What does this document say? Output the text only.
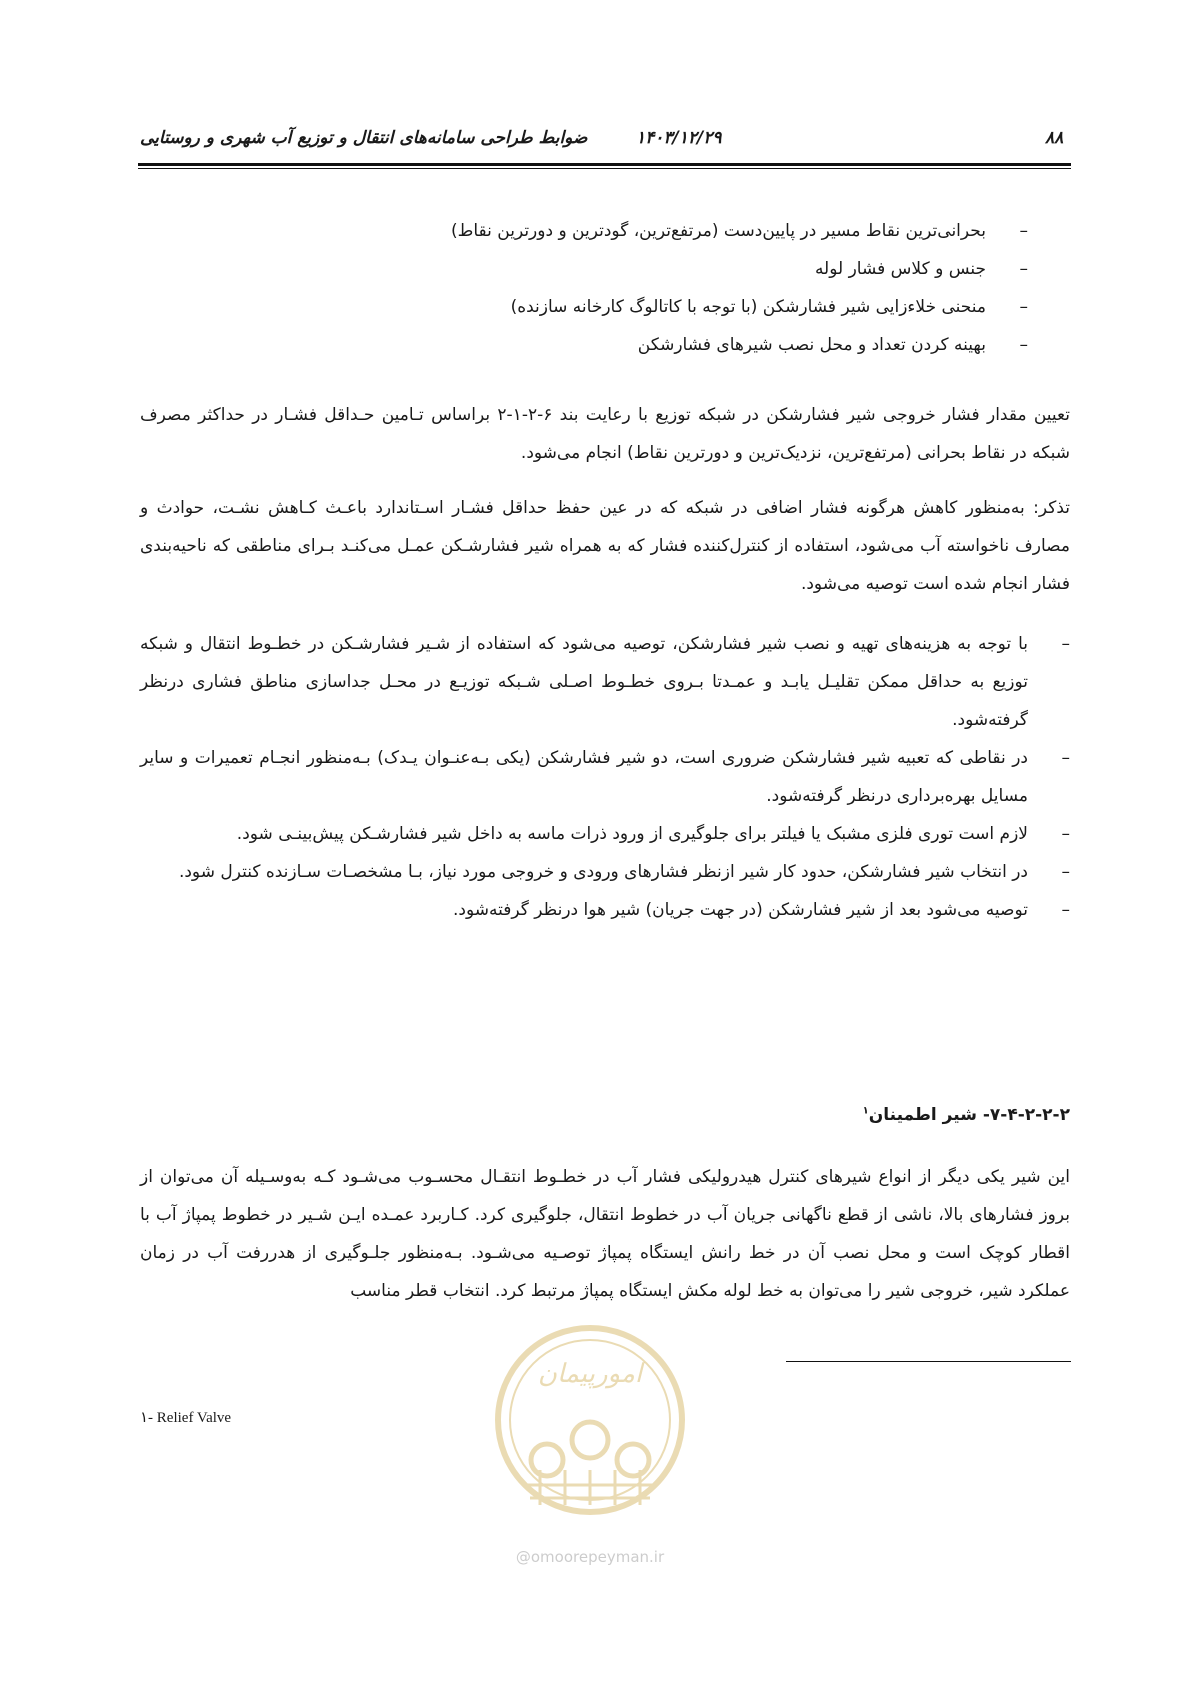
۸۸
۱۴۰۳/۱۲/۲۹
ضوابط طراحی سامانه‌های انتقال و توزیع آب شهری و روستایی
–
بحرانی‌ترین نقاط مسیر در پایین‌دست (مرتفع‌ترین، گودترین و دورترین نقاط)
–
جنس و کلاس فشار لوله
–
منحنی خلاءزایی شیر فشارشکن (با توجه با کاتالوگ کارخانه سازنده)
–
بهینه کردن تعداد و محل نصب شیرهای فشارشکن
تعیین مقدار فشار خروجی شیر فشارشکن در شبکه توزیع با رعایت بند ۶-۲-۱-۲ براساس تـامین حـداقل فشـار در حداکثر مصرف شبکه در نقاط بحرانی (مرتفع‌ترین، نزدیک‌ترین و دورترین نقاط) انجام می‌شود.
تذکر: به‌منظور کاهش هرگونه فشار اضافی در شبکه که در عین حفظ حداقل فشـار اسـتاندارد باعـث کـاهش نشـت، حوادث و مصارف ناخواسته آب می‌شود، استفاده از کنترل‌کننده فشار که به همراه شیر فشارشـکن عمـل می‌کنـد بـرای مناطقی که ناحیه‌بندی فشار انجام شده است توصیه می‌شود.
–
با توجه به هزینه‌های تهیه و نصب شیر فشارشکن، توصیه می‌شود که استفاده از شـیر فشارشـکن در خطـوط انتقال و شبکه توزیع به حداقل ممکن تقلیـل یابـد و عمـدتا بـروی خطـوط اصـلی شـبکه توزیـع در محـل جداسازی مناطق فشاری درنظر گرفته‌شود.
–
در نقاطی که تعبیه شیر فشارشکن ضروری است، دو شیر فشارشکن (یکی بـه‌عنـوان یـدک) بـه‌منظور انجـام تعمیرات و سایر مسایل بهره‌برداری درنظر گرفته‌شود.
–
لازم است توری فلزی مشبک یا فیلتر برای جلوگیری از ورود ذرات ماسه به داخل شیر فشارشـکن پیش‌بینـی شود.
–
در انتخاب شیر فشارشکن، حدود کار شیر ازنظر فشارهای ورودی و خروجی مورد نیاز، بـا مشخصـات سـازنده کنترل شود.
–
توصیه می‌شود بعد از شیر فشارشکن (در جهت جریان) شیر هوا درنظر گرفته‌شود.
۷-۴-۲-۲-۲- شیر اطمینان$^۱$
این شیر یکی دیگر از انواع شیرهای کنترل هیدرولیکی فشار آب در خطـوط انتقـال محسـوب می‌شـود کـه به‌وسـیله آن می‌توان از بروز فشارهای بالا، ناشی از قطع ناگهانی جریان آب در خطوط انتقال، جلوگیری کرد. کـاربرد عمـده ایـن شـیر در خطوط پمپاژ آب با اقطار کوچک است و محل نصب آن در خط رانش ایستگاه پمپاژ توصـیه می‌شـود. بـه‌منظور جلـوگیری از هدررفت آب در زمان عملکرد شیر، خروجی شیر را می‌توان به خط لوله مکش ایستگاه پمپاژ مرتبط کرد. انتخاب قطر مناسب
۱- Relief Valve
امورپیمان
@omoorepeyman.ir
